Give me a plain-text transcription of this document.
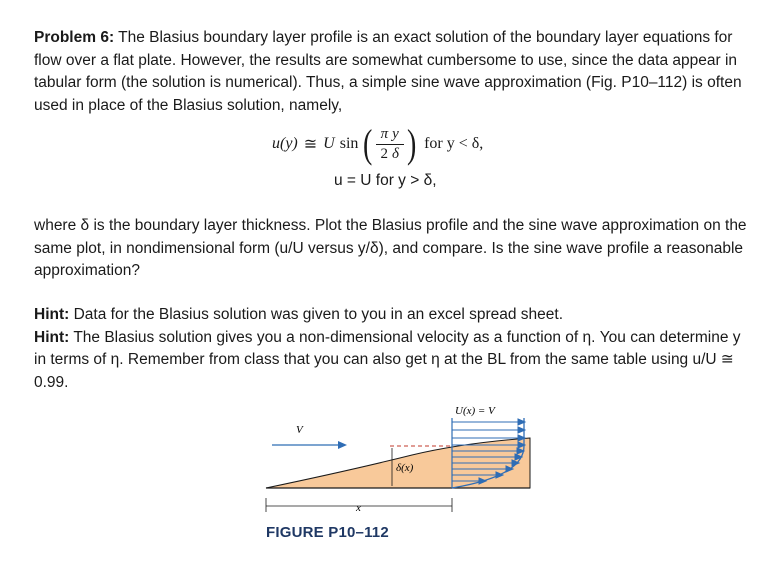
Problem 6: The Blasius boundary layer profile is an exact solution of the boundary layer equations for flow over a flat plate. However, the results are somewhat cumbersome to use, since the data appear in tabular form (the solution is numerical). Thus, a simple sine wave approximation (Fig. P10–112) is often used in place of the Blasius solution, namely,
u(y) ≅ U sin ( $\frac{\text{π y}}{2 \delta}$ ) for y < δ,
u = U for y > δ,
where δ is the boundary layer thickness. Plot the Blasius profile and the sine wave approximation on the same plot, in nondimensional form (u/U versus y/δ), and compare. Is the sine wave profile a reasonable approximation?
Hint: Data for the Blasius solution was given to you in an excel spread sheet.
Hint: The Blasius solution gives you a non-dimensional velocity as a function of η. You can determine y in terms of η. Remember from class that you can also get η at the BL from the same table using u/U ≅ 0.99.
δ(x)
V
U(x) = V
x
FIGURE P10–112
